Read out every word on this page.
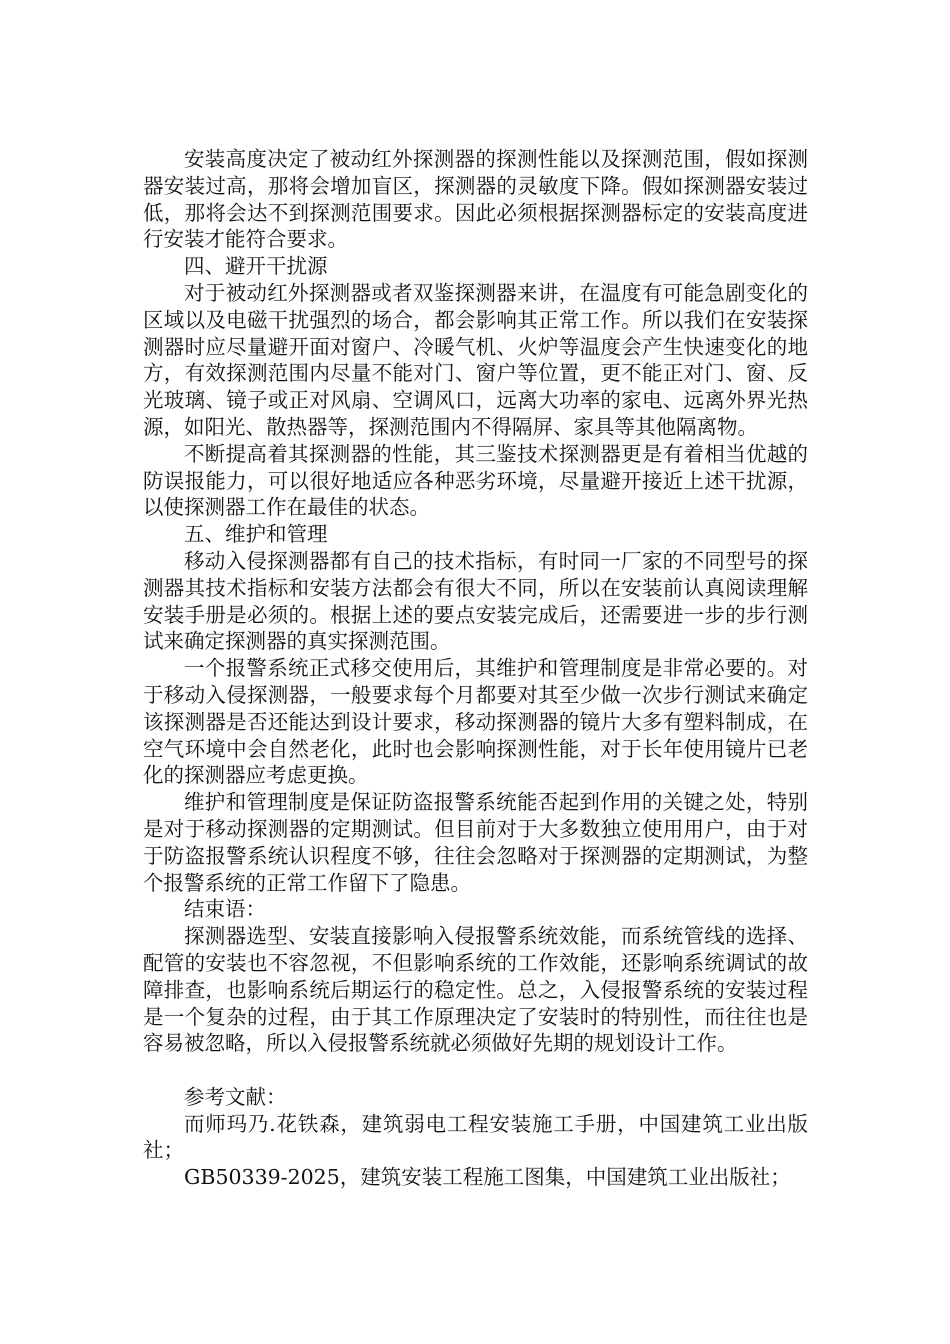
安装高度决定了被动红外探测器的探测性能以及探测范围，假如探测器安装过高，那将会增加盲区，探测器的灵敏度下降。假如探测器安装过低，那将会达不到探测范围要求。因此必须根据探测器标定的安装高度进行安装才能符合要求。

四、避开干扰源

对于被动红外探测器或者双鉴探测器来讲，在温度有可能急剧变化的区域以及电磁干扰强烈的场合，都会影响其正常工作。所以我们在安装探测器时应尽量避开面对窗户、冷暖气机、火炉等温度会产生快速变化的地方，有效探测范围内尽量不能对门、窗户等位置，更不能正对门、窗、反光玻璃、镜子或正对风扇、空调风口，远离大功率的家电、远离外界光热源，如阳光、散热器等，探测范围内不得隔屏、家具等其他隔离物。

不断提高着其探测器的性能，其三鉴技术探测器更是有着相当优越的防误报能力，可以很好地适应各种恶劣环境，尽量避开接近上述干扰源，以使探测器工作在最佳的状态。

五、维护和管理

移动入侵探测器都有自己的技术指标，有时同一厂家的不同型号的探测器其技术指标和安装方法都会有很大不同，所以在安装前认真阅读理解安装手册是必须的。根据上述的要点安装完成后，还需要进一步的步行测试来确定探测器的真实探测范围。

一个报警系统正式移交使用后，其维护和管理制度是非常必要的。对于移动入侵探测器，一般要求每个月都要对其至少做一次步行测试来确定该探测器是否还能达到设计要求，移动探测器的镜片大多有塑料制成，在空气环境中会自然老化，此时也会影响探测性能，对于长年使用镜片已老化的探测器应考虑更换。

维护和管理制度是保证防盗报警系统能否起到作用的关键之处，特别是对于移动探测器的定期测试。但目前对于大多数独立使用用户，由于对于防盗报警系统认识程度不够，往往会忽略对于探测器的定期测试，为整个报警系统的正常工作留下了隐患。

结束语：

探测器选型、安装直接影响入侵报警系统效能，而系统管线的选择、配管的安装也不容忽视，不但影响系统的工作效能，还影响系统调试的故障排查，也影响系统后期运行的稳定性。总之，入侵报警系统的安装过程是一个复杂的过程，由于其工作原理决定了安装时的特别性，而往往也是容易被忽略，所以入侵报警系统就必须做好先期的规划设计工作。

参考文献：

而师玛乃.花铁森，建筑弱电工程安装施工手册，中国建筑工业出版社；

GB50339-2025，建筑安装工程施工图集，中国建筑工业出版社；
